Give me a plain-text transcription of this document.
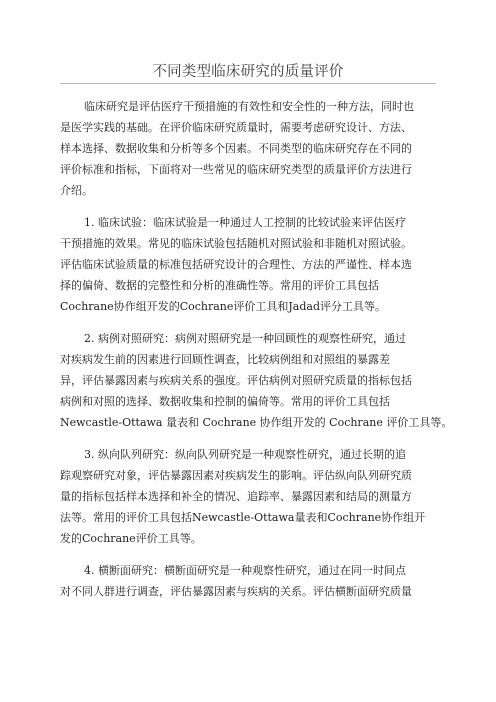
不同类型临床研究的质量评价
临床研究是评估医疗干预措施的有效性和安全性的一种方法，同时也
是医学实践的基础。在评价临床研究质量时，需要考虑研究设计、方法、
样本选择、数据收集和分析等多个因素。不同类型的临床研究存在不同的
评价标准和指标，下面将对一些常见的临床研究类型的质量评价方法进行
介绍。
1. 临床试验：临床试验是一种通过人工控制的比较试验来评估医疗
干预措施的效果。常见的临床试验包括随机对照试验和非随机对照试验。
评估临床试验质量的标准包括研究设计的合理性、方法的严谨性、样本选
择的偏倚、数据的完整性和分析的准确性等。常用的评价工具包括
Cochrane协作组开发的Cochrane评价工具和Jadad评分工具等。
2. 病例对照研究：病例对照研究是一种回顾性的观察性研究，通过
对疾病发生前的因素进行回顾性调查，比较病例组和对照组的暴露差
异，评估暴露因素与疾病关系的强度。评估病例对照研究质量的指标包括
病例和对照的选择、数据收集和控制的偏倚等。常用的评价工具包括
Newcastle-Ottawa 量表和 Cochrane 协作组开发的 Cochrane 评价工具等。
3. 纵向队列研究：纵向队列研究是一种观察性研究，通过长期的追
踪观察研究对象，评估暴露因素对疾病发生的影响。评估纵向队列研究质
量的指标包括样本选择和补全的情况、追踪率、暴露因素和结局的测量方
法等。常用的评价工具包括Newcastle-Ottawa量表和Cochrane协作组开
发的Cochrane评价工具等。
4. 横断面研究：横断面研究是一种观察性研究，通过在同一时间点
对不同人群进行调查，评估暴露因素与疾病的关系。评估横断面研究质量
